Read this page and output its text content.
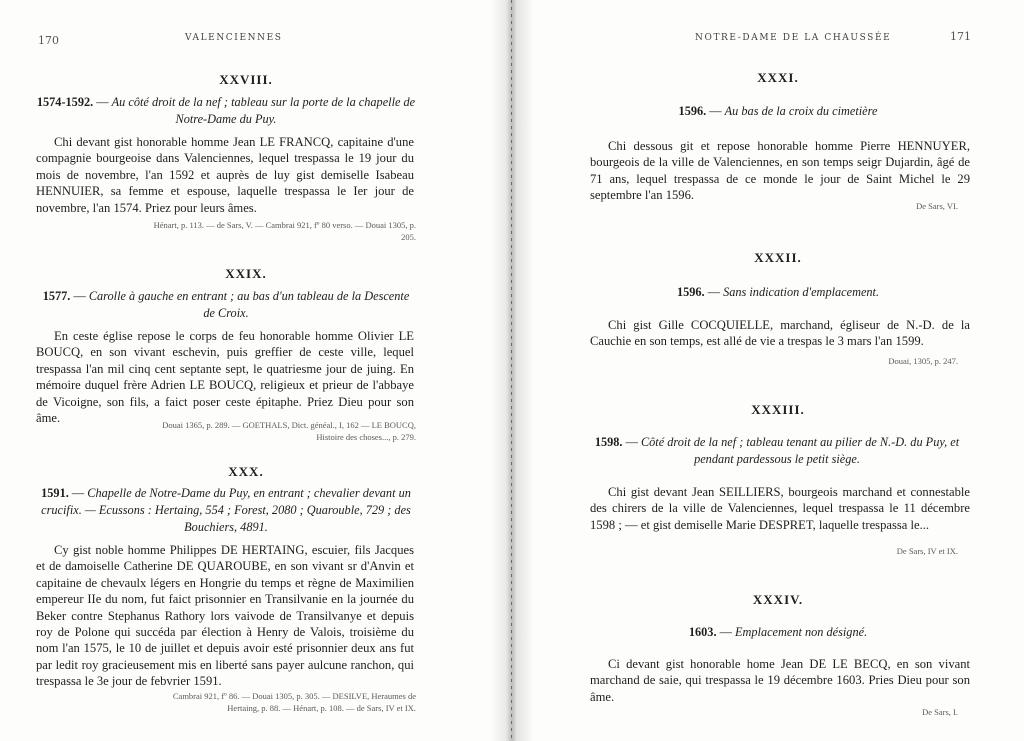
170	VALENCIENNES
XXVIII.

1574-1592. — Au côté droit de la nef ; tableau sur la porte de la chapelle de Notre-Dame du Puy.

Chi devant gist honorable homme Jean LE FRANCQ, capitaine d'une compagnie bourgeoise dans Valenciennes, lequel trespassa le 19 jour du mois de novembre, l'an 1592 et auprès de luy gist demiselle Isabeau HENNUIER, sa femme et espouse, laquelle trespassa le Ier jour de novembre, l'an 1574. Priez pour leurs âmes.

Hénart, p. 113. — de Sars, V. — Cambrai 921, fº 80 verso. — Douai 1305, p. 205.

XXIX.

1577. — Carolle à gauche en entrant ; au bas d'un tableau de la Descente de Croix.

En ceste église repose le corps de feu honorable homme Olivier LE BOUCQ, en son vivant eschevin, puis greffier de ceste ville, lequel trespassa l'an mil cinq cent septante sept, le quatriesme jour de juing. En mémoire duquel frère Adrien LE BOUCQ, religieux et prieur de l'abbaye de Vicoigne, son fils, a faict poser ceste épitaphe. Priez Dieu pour son âme.	Douai 1365, p. 289. — GOETHALS, Dict. généal., I, 162 — LE BOUCQ, Histoire des choses..., p. 279.

XXX.

1591. — Chapelle de Notre-Dame du Puy, en entrant ; chevalier devant un crucifix. — Ecussons : Hertaing, 554 ; Forest, 2080 ; Quarouble, 729 ; des Bouchiers, 4891.

Cy gist noble homme Philippes DE HERTAING, escuier, fils Jacques et de damoiselle Catherine DE QUAROUBE, en son vivant sr d'Anvin et capitaine de chevaulx légers en Hongrie du temps et règne de Maximilien empereur IIe du nom, fut faict prisonnier en Transilvanie en la journée du Beker contre Stephanus Rathory lors vaivode de Transilvanye et depuis roy de Polone qui succéda par élection à Henry de Valois, troisième du nom l'an 1575, le 10 de juillet et depuis avoir esté prisonnier deux ans fut par ledit roy gracieusement mis en liberté sans payer aulcune ranchon, qui trespassa le 3e jour de febvrier 1591.

Cambrai 921, fº 86. — Douai 1305, p. 305. — DESILVE, Heraumes de Hertaing, p. 88. — Hénart, p. 108. — de Sars, IV et IX.

NOTRE-DAME DE LA CHAUSSÉE	171
XXXI.

1596. — Au bas de la croix du cimetière

Chi dessous git et repose honorable homme Pierre HENNUYER, bourgeois de la ville de Valenciennes, en son temps seigr Dujardin, âgé de 71 ans, lequel trespassa de ce monde le jour de Saint Michel le 29 septembre l'an 1596.

De Sars, VI.

XXXII.

1596. — Sans indication d'emplacement.

Chi gist Gille COCQUIELLE, marchand, égliseur de N.-D. de la Cauchie en son temps, est allé de vie a trespas le 3 mars l'an 1599.

Douai, 1305, p. 247.

XXXIII.

1598. — Côté droit de la nef ; tableau tenant au pilier de N.-D. du Puy, et pendant pardessous le petit siège.

Chi gist devant Jean SEILLIERS, bourgeois marchand et connestable des chirers de la ville de Valenciennes, lequel trespassa le 11 décembre 1598 ; — et gist demiselle Marie DESPRET, laquelle trespassa le...

De Sars, IV et IX.

XXXIV.

1603. — Emplacement non désigné.

Ci devant gist honorable home Jean DE LE BECQ, en son vivant marchand de saie, qui trespassa le 19 décembre 1603. Pries Dieu pour son âme.

De Sars, I.
